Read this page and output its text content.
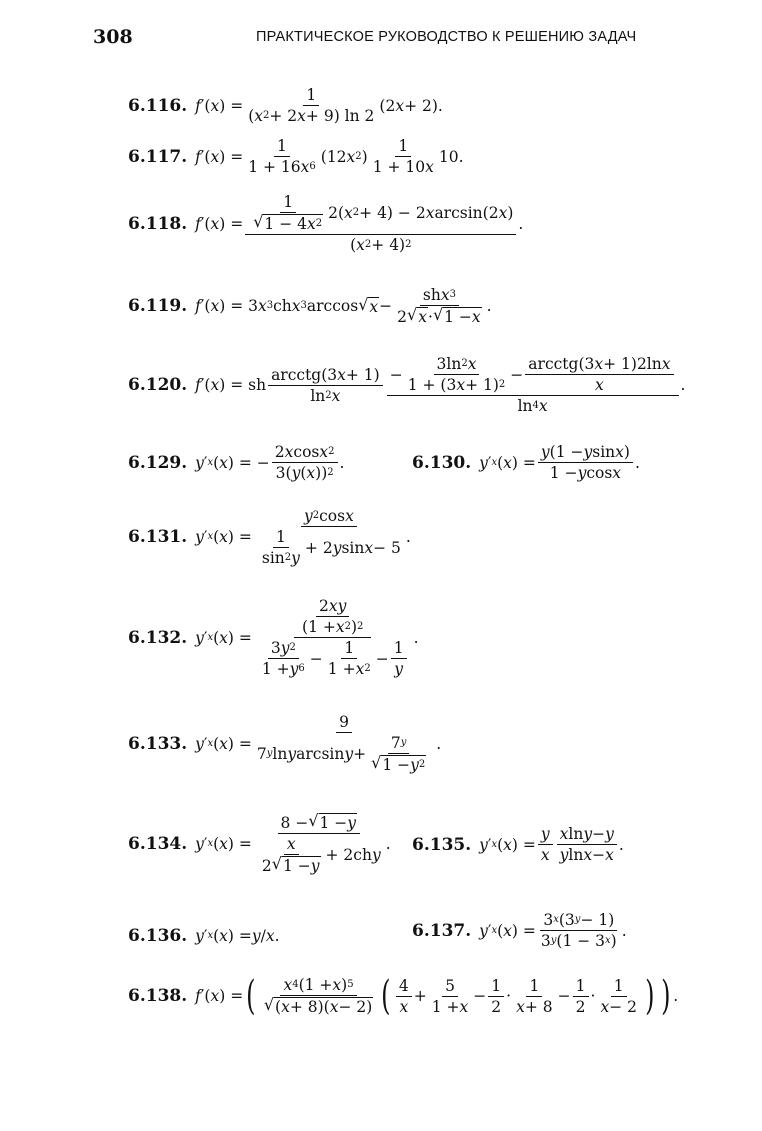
308	ПРАКТИЧЕСКОЕ РУКОВОДСТВО К РЕШЕНИЮ ЗАДАЧ
6.116. f ′( x ) =
1
( x 2 + 2 x + 9) ln 2
(2 x + 2).
6.117. f ′( x ) =
1
1 + 16 x 6
(12 x 2 )
1
1 + 10 x
10.
6.118. f ′( x ) =
1
√ 1 − 4 x 2
2( x 2 + 4) − 2 x arcsin(2 x )
( x 2 + 4) 2
.
6.119. f ′( x ) = 3 x 3 ch x 3 arccos √ x −
sh x 3
2 √ x · √ 1 − x
.
6.120. f ′( x ) = sh
arcctg(3 x + 1)
ln 2 x
−
3ln 2 x
1 + (3 x + 1) 2
−
arcctg(3 x + 1)2ln x
x
ln 4 x
.
6.129. y ′ x ( x ) = −
2 x cos x 2
3( y ( x )) 2
.	6.130. y ′ x ( x ) =
y (1 − y sin x )
1 − y cos x
.
6.131. y ′ x ( x ) =
y 2 cos x
1
sin 2 y
+ 2 y sin x − 5
.
6.132. y ′ x ( x ) =
2 xy
(1 + x 2 ) 2
3 y 2
1 + y 6
−
1
1 + x 2
−
1
y
.
6.133. y ′ x ( x ) =
9
7 y ln y arcsin y +
7 y
√ 1 − y 2
.
6.134. y ′ x ( x ) =
8 − √ 1 − y
x
2 √ 1 − y
+ 2ch y
. 6.135. y ′ x ( x ) =
y
x
x ln y − y
y ln x − x
.
6.136. y ′ x ( x ) = y / x .	6.137. y ′ x ( x ) =
3 x (3 y − 1)
3 y (1 − 3 x )
.
6.138. f ′( x ) = ( x 4 (1 + x ) 5
√ ( x + 8)( x − 2) ( 4
x
+
5
1 + x
−
1
2
·
1
x + 8
−
1
2
·
1
x − 2 ) ) .
